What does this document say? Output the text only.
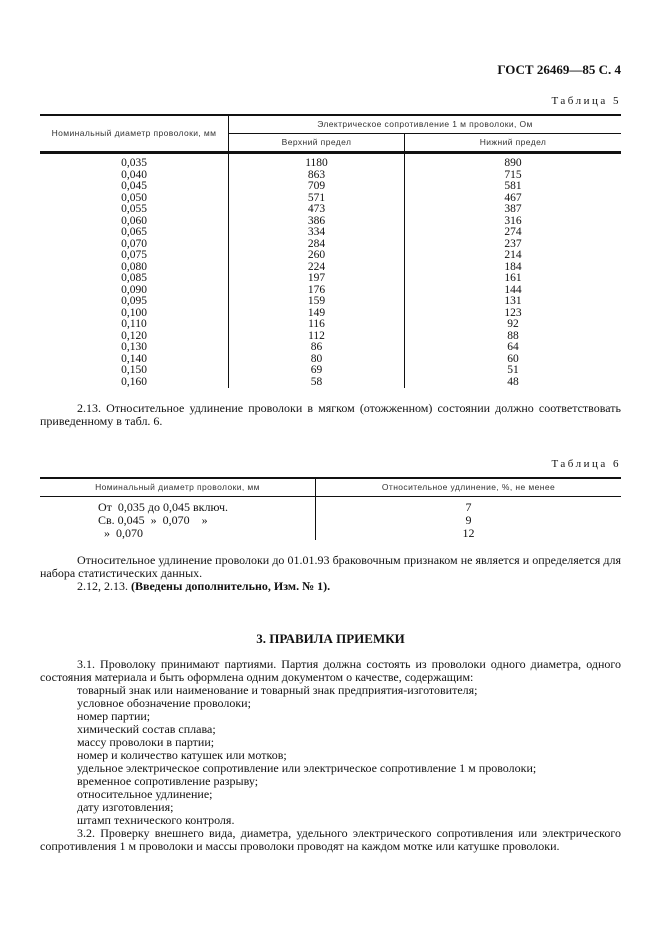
ГОСТ 26469—85 С. 4
Таблица 5
Номинальный диаметр проволоки, мм	Электрическое сопротивление 1 м проволоки, Ом	
	Верхний предел	Нижний предел
0,035	1180	890
0,040	863	715
0,045	709	581
0,050	571	467
0,055	473	387
0,060	386	316
0,065	334	274
0,070	284	237
0,075	260	214
0,080	224	184
0,085	197	161
0,090	176	144
0,095	159	131
0,100	149	123
0,110	116	92
0,120	112	88
0,130	86	64
0,140	80	60
0,150	69	51
0,160	58	48

2.13. Относительное удлинение проволоки в мягком (отожженном) состоянии должно соответствовать приведенному в табл. 6.

Таблица 6
Номинальный диаметр проволоки, мм	Относительное удлинение, %, не менее
От  0,035 до 0,045 включ.	7
Св. 0,045  »  0,070    »	9
»  0,070	12

Относительное удлинение проволоки до 01.01.93 браковочным признаком не является и определяется для набора статистических данных.

2.12, 2.13. (Введены дополнительно, Изм. № 1).

3. ПРАВИЛА ПРИЕМКИ

3.1. Проволоку принимают партиями. Партия должна состоять из проволоки одного диаметра, одного состояния материала и быть оформлена одним документом о качестве, содержащим:

товарный знак или наименование и товарный знак предприятия-изготовителя;
условное обозначение проволоки;
номер партии;
химический состав сплава;
массу проволоки в партии;
номер и количество катушек или мотков;
удельное электрическое сопротивление или электрическое сопротивление 1 м проволоки;
временное сопротивление разрыву;
относительное удлинение;
дату изготовления;
штамп технического контроля.

3.2. Проверку внешнего вида, диаметра, удельного электрического сопротивления или электрического сопротивления 1 м проволоки и массы проволоки проводят на каждом мотке или катушке проволоки.
